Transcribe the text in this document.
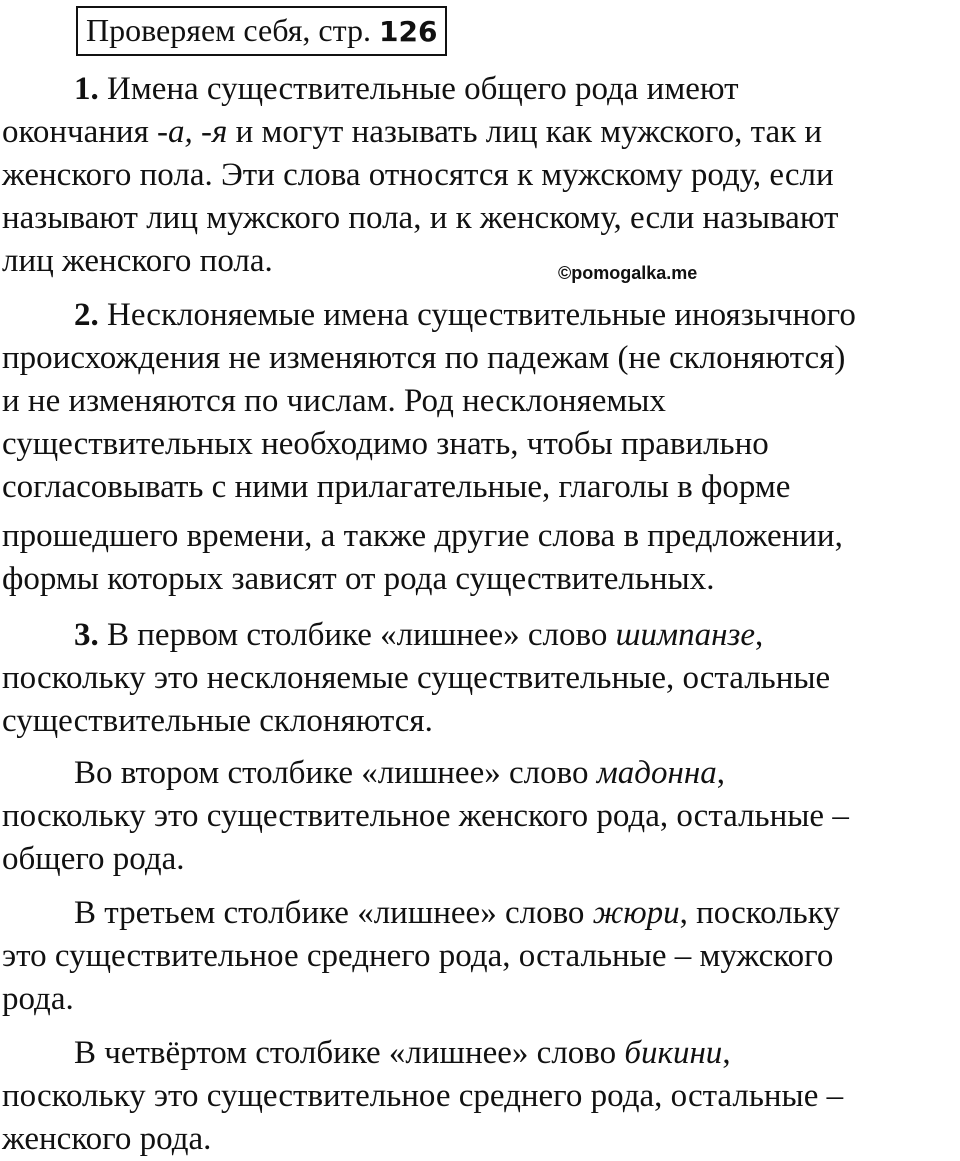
Проверяем себя, стр. 126
1. Имена существительные общего рода имеют
окончания -а, -я и могут называть лиц как мужского, так и
женского пола. Эти слова относятся к мужскому роду, если
называют лиц мужского пола, и к женскому, если называют
лиц женского пола.	©pomogalka.me
2. Несклоняемые имена существительные иноязычного
происхождения не изменяются по падежам (не склоняются)
и не изменяются по числам. Род несклоняемых
существительных необходимо знать, чтобы правильно
согласовывать с ними прилагательные, глаголы в форме
прошедшего времени, а также другие слова в предложении,
формы которых зависят от рода существительных.
3. В первом столбике «лишнее» слово шимпанзе,
поскольку это несклоняемые существительные, остальные
существительные склоняются.
Во втором столбике «лишнее» слово мадонна,
поскольку это существительное женского рода, остальные –
общего рода.
В третьем столбике «лишнее» слово жюри, поскольку
это существительное среднего рода, остальные – мужского
рода.
В четвёртом столбике «лишнее» слово бикини,
поскольку это существительное среднего рода, остальные –
женского рода.
